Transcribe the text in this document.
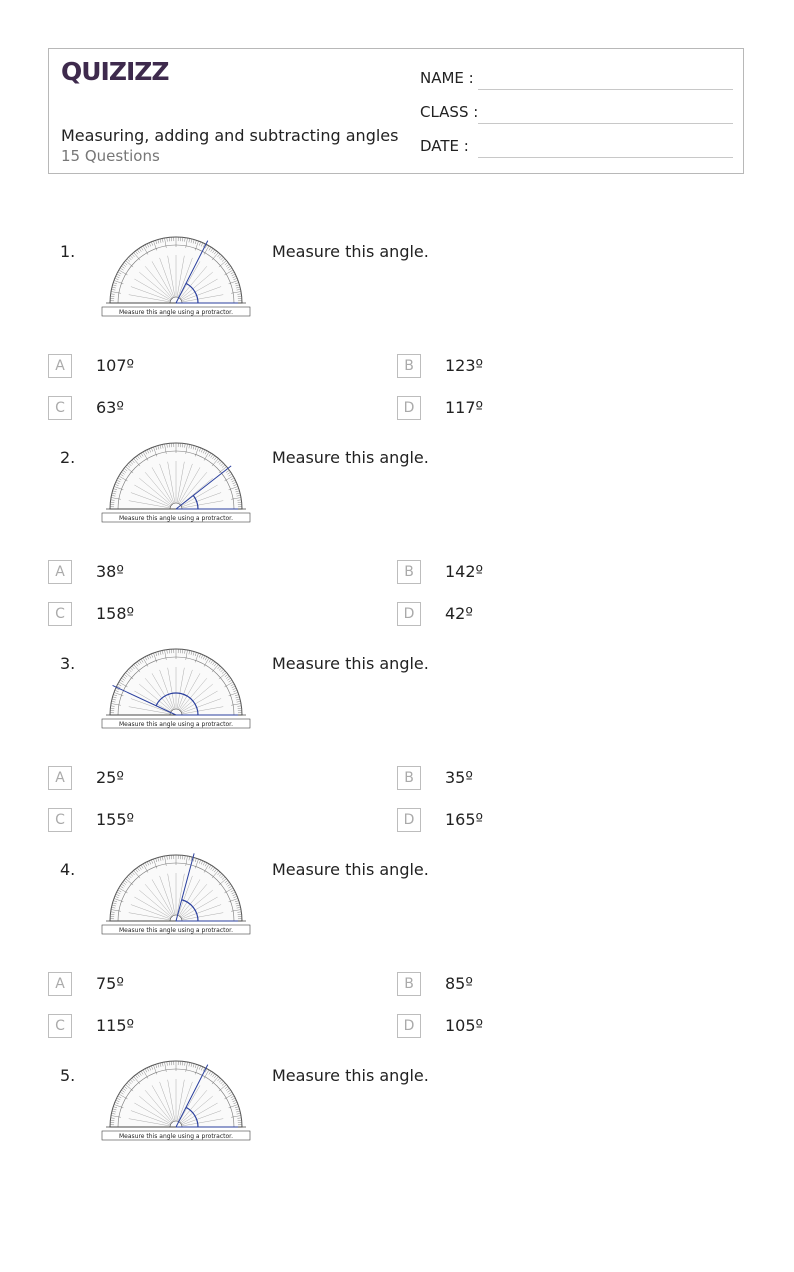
QUIZIZZ
Measuring, adding and subtracting angles
15 Questions
NAME :
CLASS :
DATE :
1.
Measure this angle using a protractor.
Measure this angle.
A	107º	B	123º
C	63º	D	117º
2.
Measure this angle using a protractor.
Measure this angle.
A	38º	B	142º
C	158º	D	42º
3.
Measure this angle using a protractor.
Measure this angle.
A	25º	B	35º
C	155º	D	165º
4.
Measure this angle using a protractor.
Measure this angle.
A	75º	B	85º
C	115º	D	105º
5.
Measure this angle using a protractor.
Measure this angle.
